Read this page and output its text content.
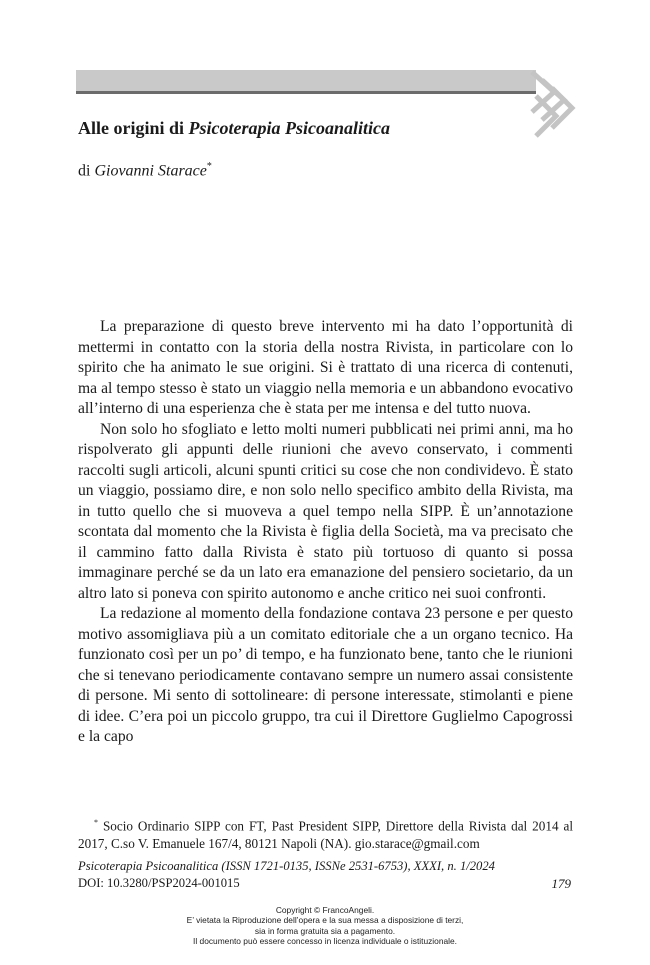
Alle origini di Psicoterapia Psicoanalitica

di Giovanni Starace*

La preparazione di questo breve intervento mi ha dato l’opportunità di mettermi in contatto con la storia della nostra Rivista, in particolare con lo spirito che ha animato le sue origini. Si è trattato di una ricerca di contenuti, ma al tempo stesso è stato un viaggio nella memoria e un abbandono evocativo all’interno di una esperienza che è stata per me intensa e del tutto nuova.

Non solo ho sfogliato e letto molti numeri pubblicati nei primi anni, ma ho rispolverato gli appunti delle riunioni che avevo conservato, i commenti raccolti sugli articoli, alcuni spunti critici su cose che non condividevo. È stato un viaggio, possiamo dire, e non solo nello specifico ambito della Rivista, ma in tutto quello che si muoveva a quel tempo nella SIPP. È un’annotazione scontata dal momento che la Rivista è figlia della Società, ma va precisato che il cammino fatto dalla Rivista è stato più tortuoso di quanto si possa immaginare perché se da un lato era emanazione del pensiero societario, da un altro lato si poneva con spirito autonomo e anche critico nei suoi confronti.

La redazione al momento della fondazione contava 23 persone e per questo motivo assomigliava più a un comitato editoriale che a un organo tecnico. Ha funzionato così per un po’ di tempo, e ha funzionato bene, tanto che le riunioni che si tenevano periodicamente contavano sempre un numero assai consistente di persone. Mi sento di sottolineare: di persone interessate, stimolanti e piene di idee. C’era poi un piccolo gruppo, tra cui il Direttore Guglielmo Capogrossi e la capo

* Socio Ordinario SIPP con FT, Past President SIPP, Direttore della Rivista dal 2014 al 2017, C.so V. Emanuele 167/4, 80121 Napoli (NA). gio.starace@gmail.com

Psicoterapia Psicoanalitica (ISSN 1721-0135, ISSNe 2531-6753), XXXI, n. 1/2024
DOI: 10.3280/PSP2024-001015	179
Copyright © FrancoAngeli.
E’ vietata la Riproduzione dell’opera e la sua messa a disposizione di terzi,
sia in forma gratuita sia a pagamento.
Il documento può essere concesso in licenza individuale o istituzionale.
